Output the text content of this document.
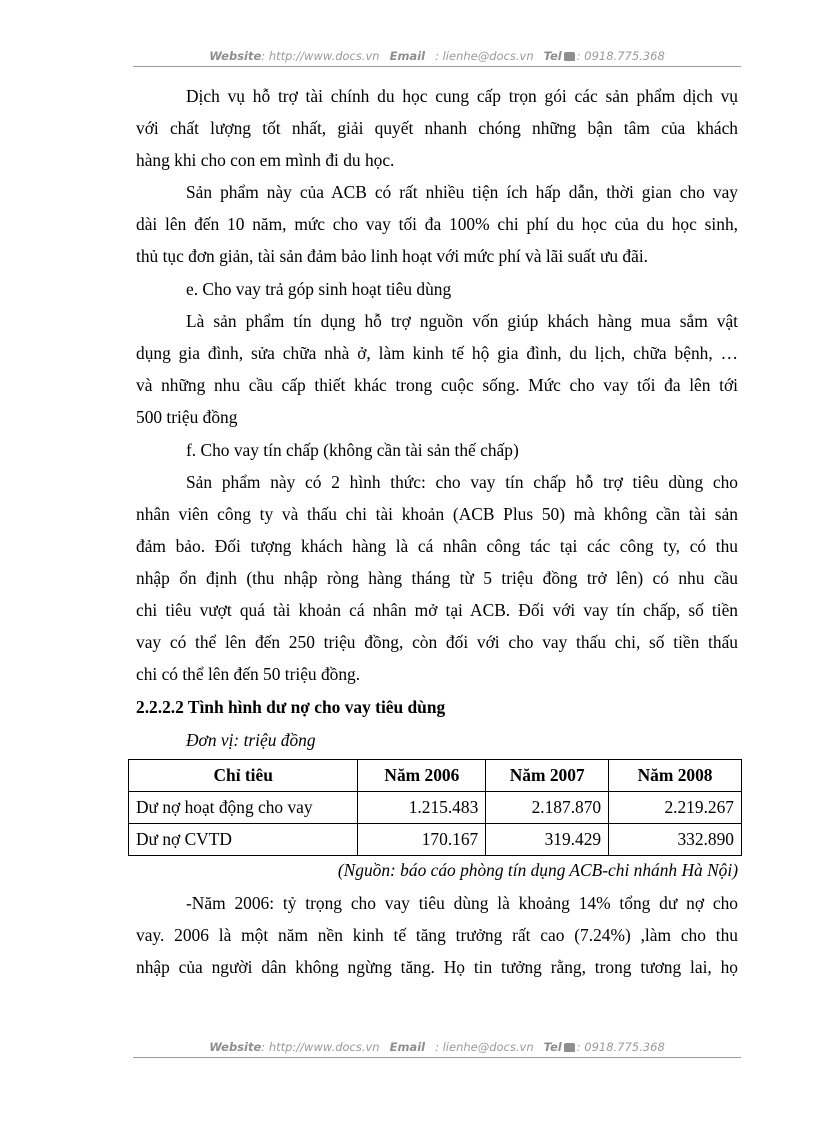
Website: http://www.docs.vn Email : lienhe@docs.vn Tel : 0918.775.368
Dịch vụ hỗ trợ tài chính du học cung cấp trọn gói các sản phẩm dịch vụ
với chất lượng tốt nhất, giải quyết nhanh chóng những bận tâm của khách
hàng khi cho con em mình đi du học.
Sản phẩm này của ACB có rất nhiều tiện ích hấp dẫn, thời gian cho vay
dài lên đến 10 năm, mức cho vay tối đa 100% chi phí du học của du học sinh,
thủ tục đơn giản, tài sản đảm bảo linh hoạt với mức phí và lãi suất ưu đãi.
e. Cho vay trả góp sinh hoạt tiêu dùng
Là sản phẩm tín dụng hỗ trợ nguồn vốn giúp khách hàng mua sắm vật
dụng gia đình, sửa chữa nhà ở, làm kinh tế hộ gia đình, du lịch, chữa bệnh, …
và những nhu cầu cấp thiết khác trong cuộc sống. Mức cho vay tối đa lên tới
500 triệu đồng
f. Cho vay tín chấp (không cần tài sản thế chấp)
Sản phẩm này có 2 hình thức: cho vay tín chấp hỗ trợ tiêu dùng cho
nhân viên công ty và thấu chi tài khoản (ACB Plus 50) mà không cần tài sản
đảm bảo. Đối tượng khách hàng là cá nhân công tác tại các công ty, có thu
nhập ổn định (thu nhập ròng hàng tháng từ 5 triệu đồng trở lên) có nhu cầu
chi tiêu vượt quá tài khoản cá nhân mở tại ACB. Đối với vay tín chấp, số tiền
vay có thể lên đến 250 triệu đồng, còn đối với cho vay thấu chi, số tiền thấu
chi có thể lên đến 50 triệu đồng.
2.2.2.2 Tình hình dư nợ cho vay tiêu dùng
Đơn vị: triệu đồng
Chỉ tiêu	Năm 2006	Năm 2007	Năm 2008
Dư nợ hoạt động cho vay	1.215.483	2.187.870	2.219.267
Dư nợ CVTD	170.167	319.429	332.890
(Nguồn: báo cáo phòng tín dụng ACB-chi nhánh Hà Nội)
-Năm 2006: tỷ trọng cho vay tiêu dùng là khoảng 14% tổng dư nợ cho
vay. 2006 là một năm nền kinh tế tăng trưởng rất cao (7.24%) ,làm cho thu
nhập của người dân không ngừng tăng. Họ tin tưởng rằng, trong tương lai, họ
Website: http://www.docs.vn Email : lienhe@docs.vn Tel : 0918.775.368
